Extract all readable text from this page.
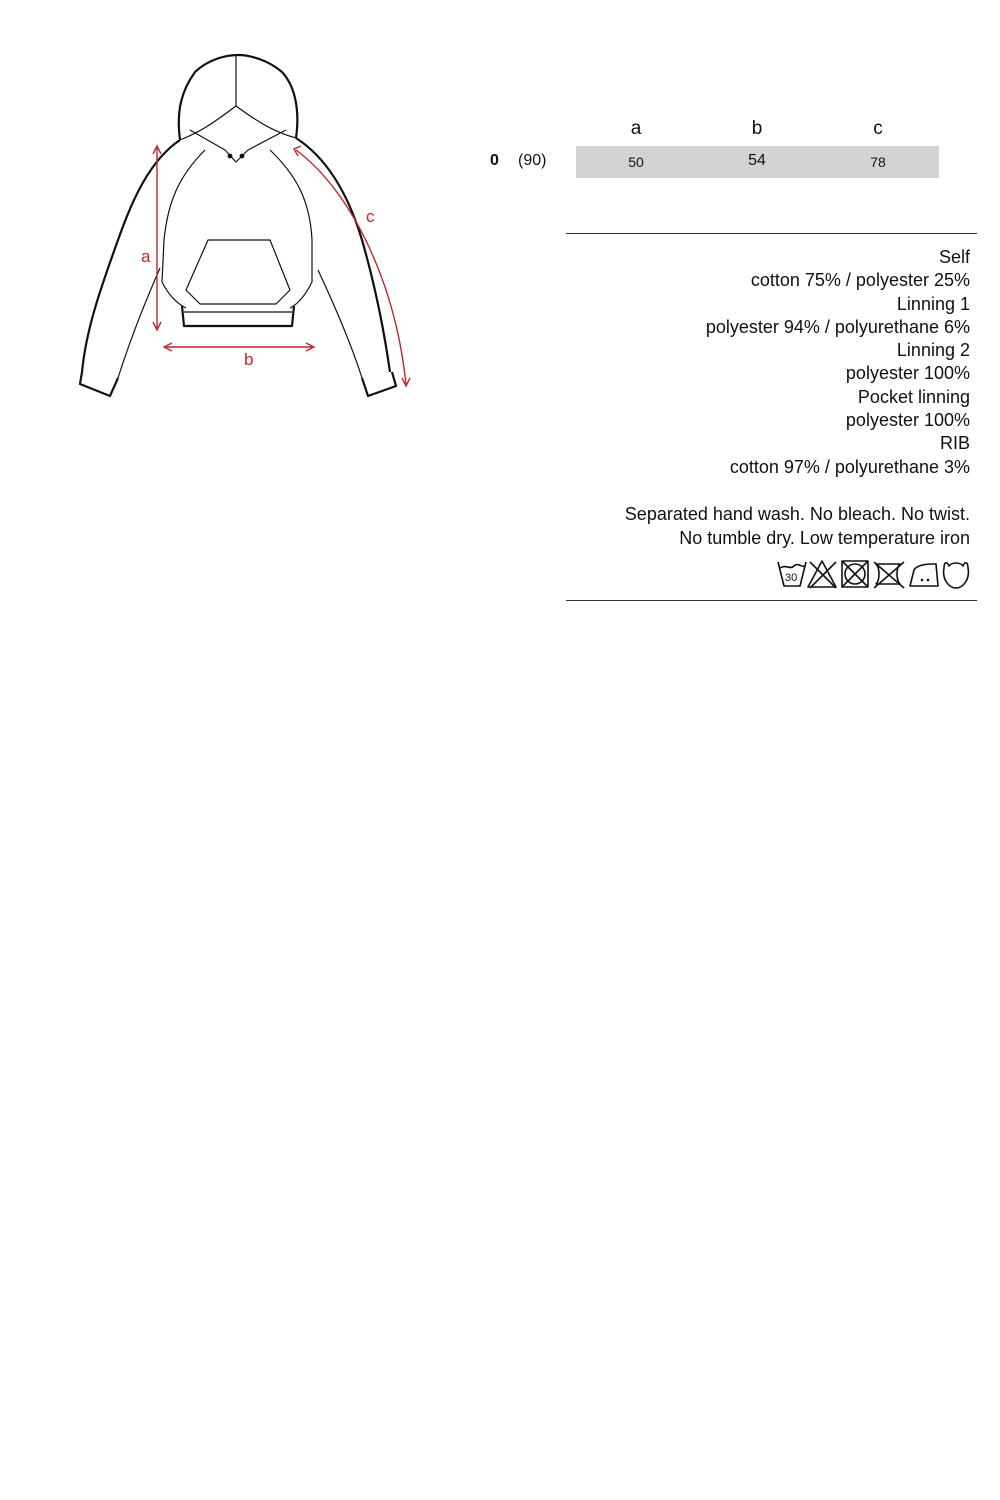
a
b
c
a	b	c
0 (90)	50	54	78
Self
cotton 75% / polyester 25%
Linning 1
polyester 94% / polyurethane 6%
Linning 2
polyester 100%
Pocket linning
polyester 100%
RIB
cotton 97% / polyurethane 3%
Separated hand wash. No bleach. No twist.
No tumble dry. Low temperature iron
30
